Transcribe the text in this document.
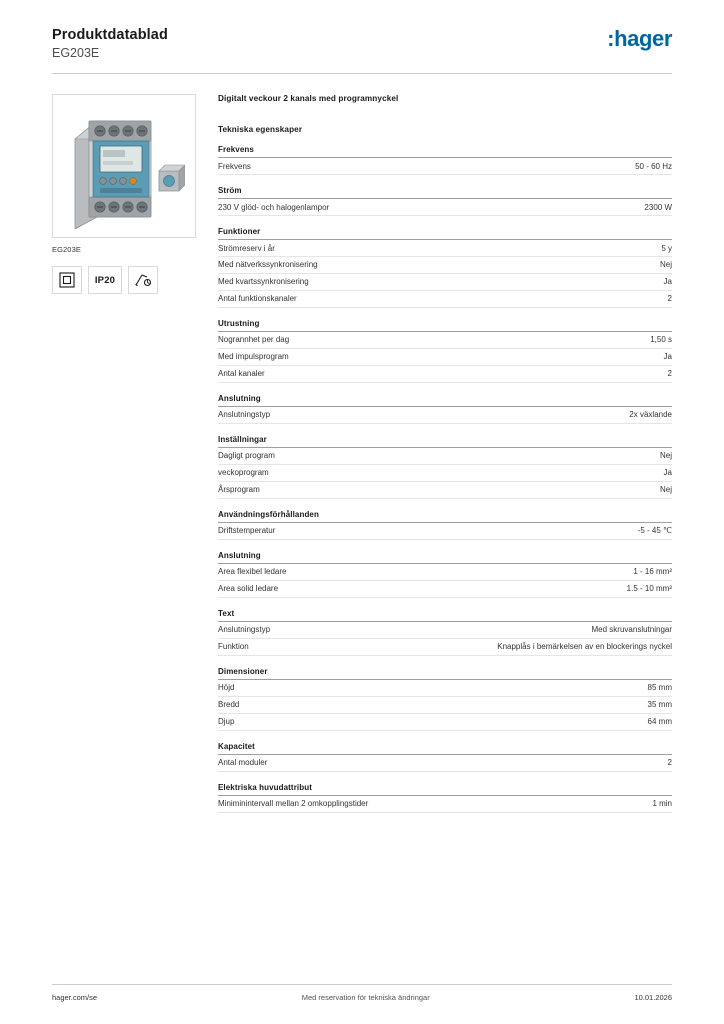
Produktdatablad
EG203E
:hager
EG203E
IP20
Digitalt veckour 2 kanals med programnyckel
Tekniska egenskaper
Frekvens
Frekvens	50 - 60 Hz
Ström
230 V glöd- och halogenlampor	2300 W
Funktioner
Strömreserv i år	5 y
Med nätverkssynkronisering	Nej
Med kvartssynkronisering	Ja
Antal funktionskanaler	2
Utrustning
Nogrannhet per dag	1,50 s
Med impulsprogram	Ja
Antal kanaler	2
Anslutning
Anslutningstyp	2x växlande
Inställningar
Dagligt program	Nej
veckoprogram	Ja
Årsprogram	Nej
Användningsförhållanden
Driftstemperatur	-5 - 45 ℃
Anslutning
Area flexibel ledare	1 - 16 mm²
Area solid ledare	1.5 - 10 mm²
Text
Anslutningstyp	Med skruvanslutningar
Funktion	Knapplås i bemärkelsen av en blockerings nyckel
Dimensioner
Höjd	85 mm
Bredd	35 mm
Djup	64 mm
Kapacitet
Antal moduler	2
Elektriska huvudattribut
Miniminintervall mellan 2 omkopplingstider	1 min
hager.com/se	Med reservation för tekniska ändringar	10.01.2026
